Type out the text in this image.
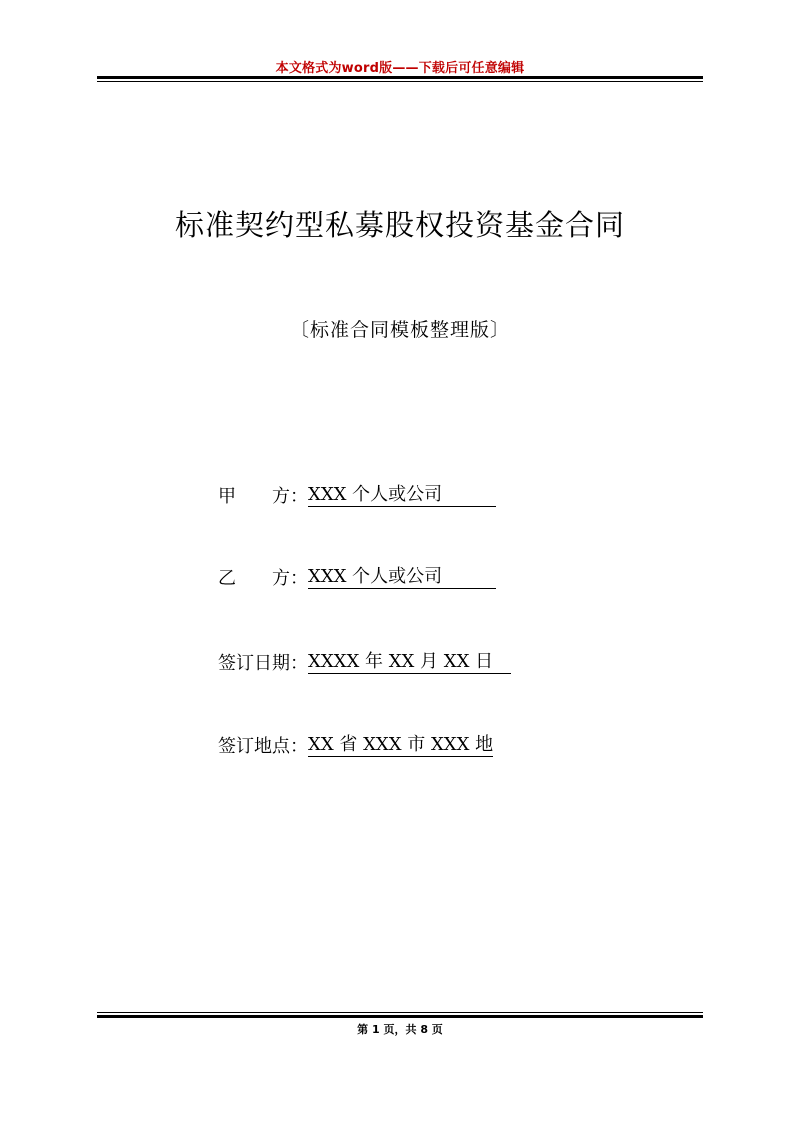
本文格式为word版——下载后可任意编辑
标准契约型私募股权投资基金合同
〔标准合同模板整理版〕
甲　　方：XXX 个人或公司　　　
乙　　方：XXX 个人或公司　　　
签订日期：XXXX 年 XX 月 XX 日　
签订地点：XX 省 XXX 市 XXX 地
第 1 页，共 8 页
